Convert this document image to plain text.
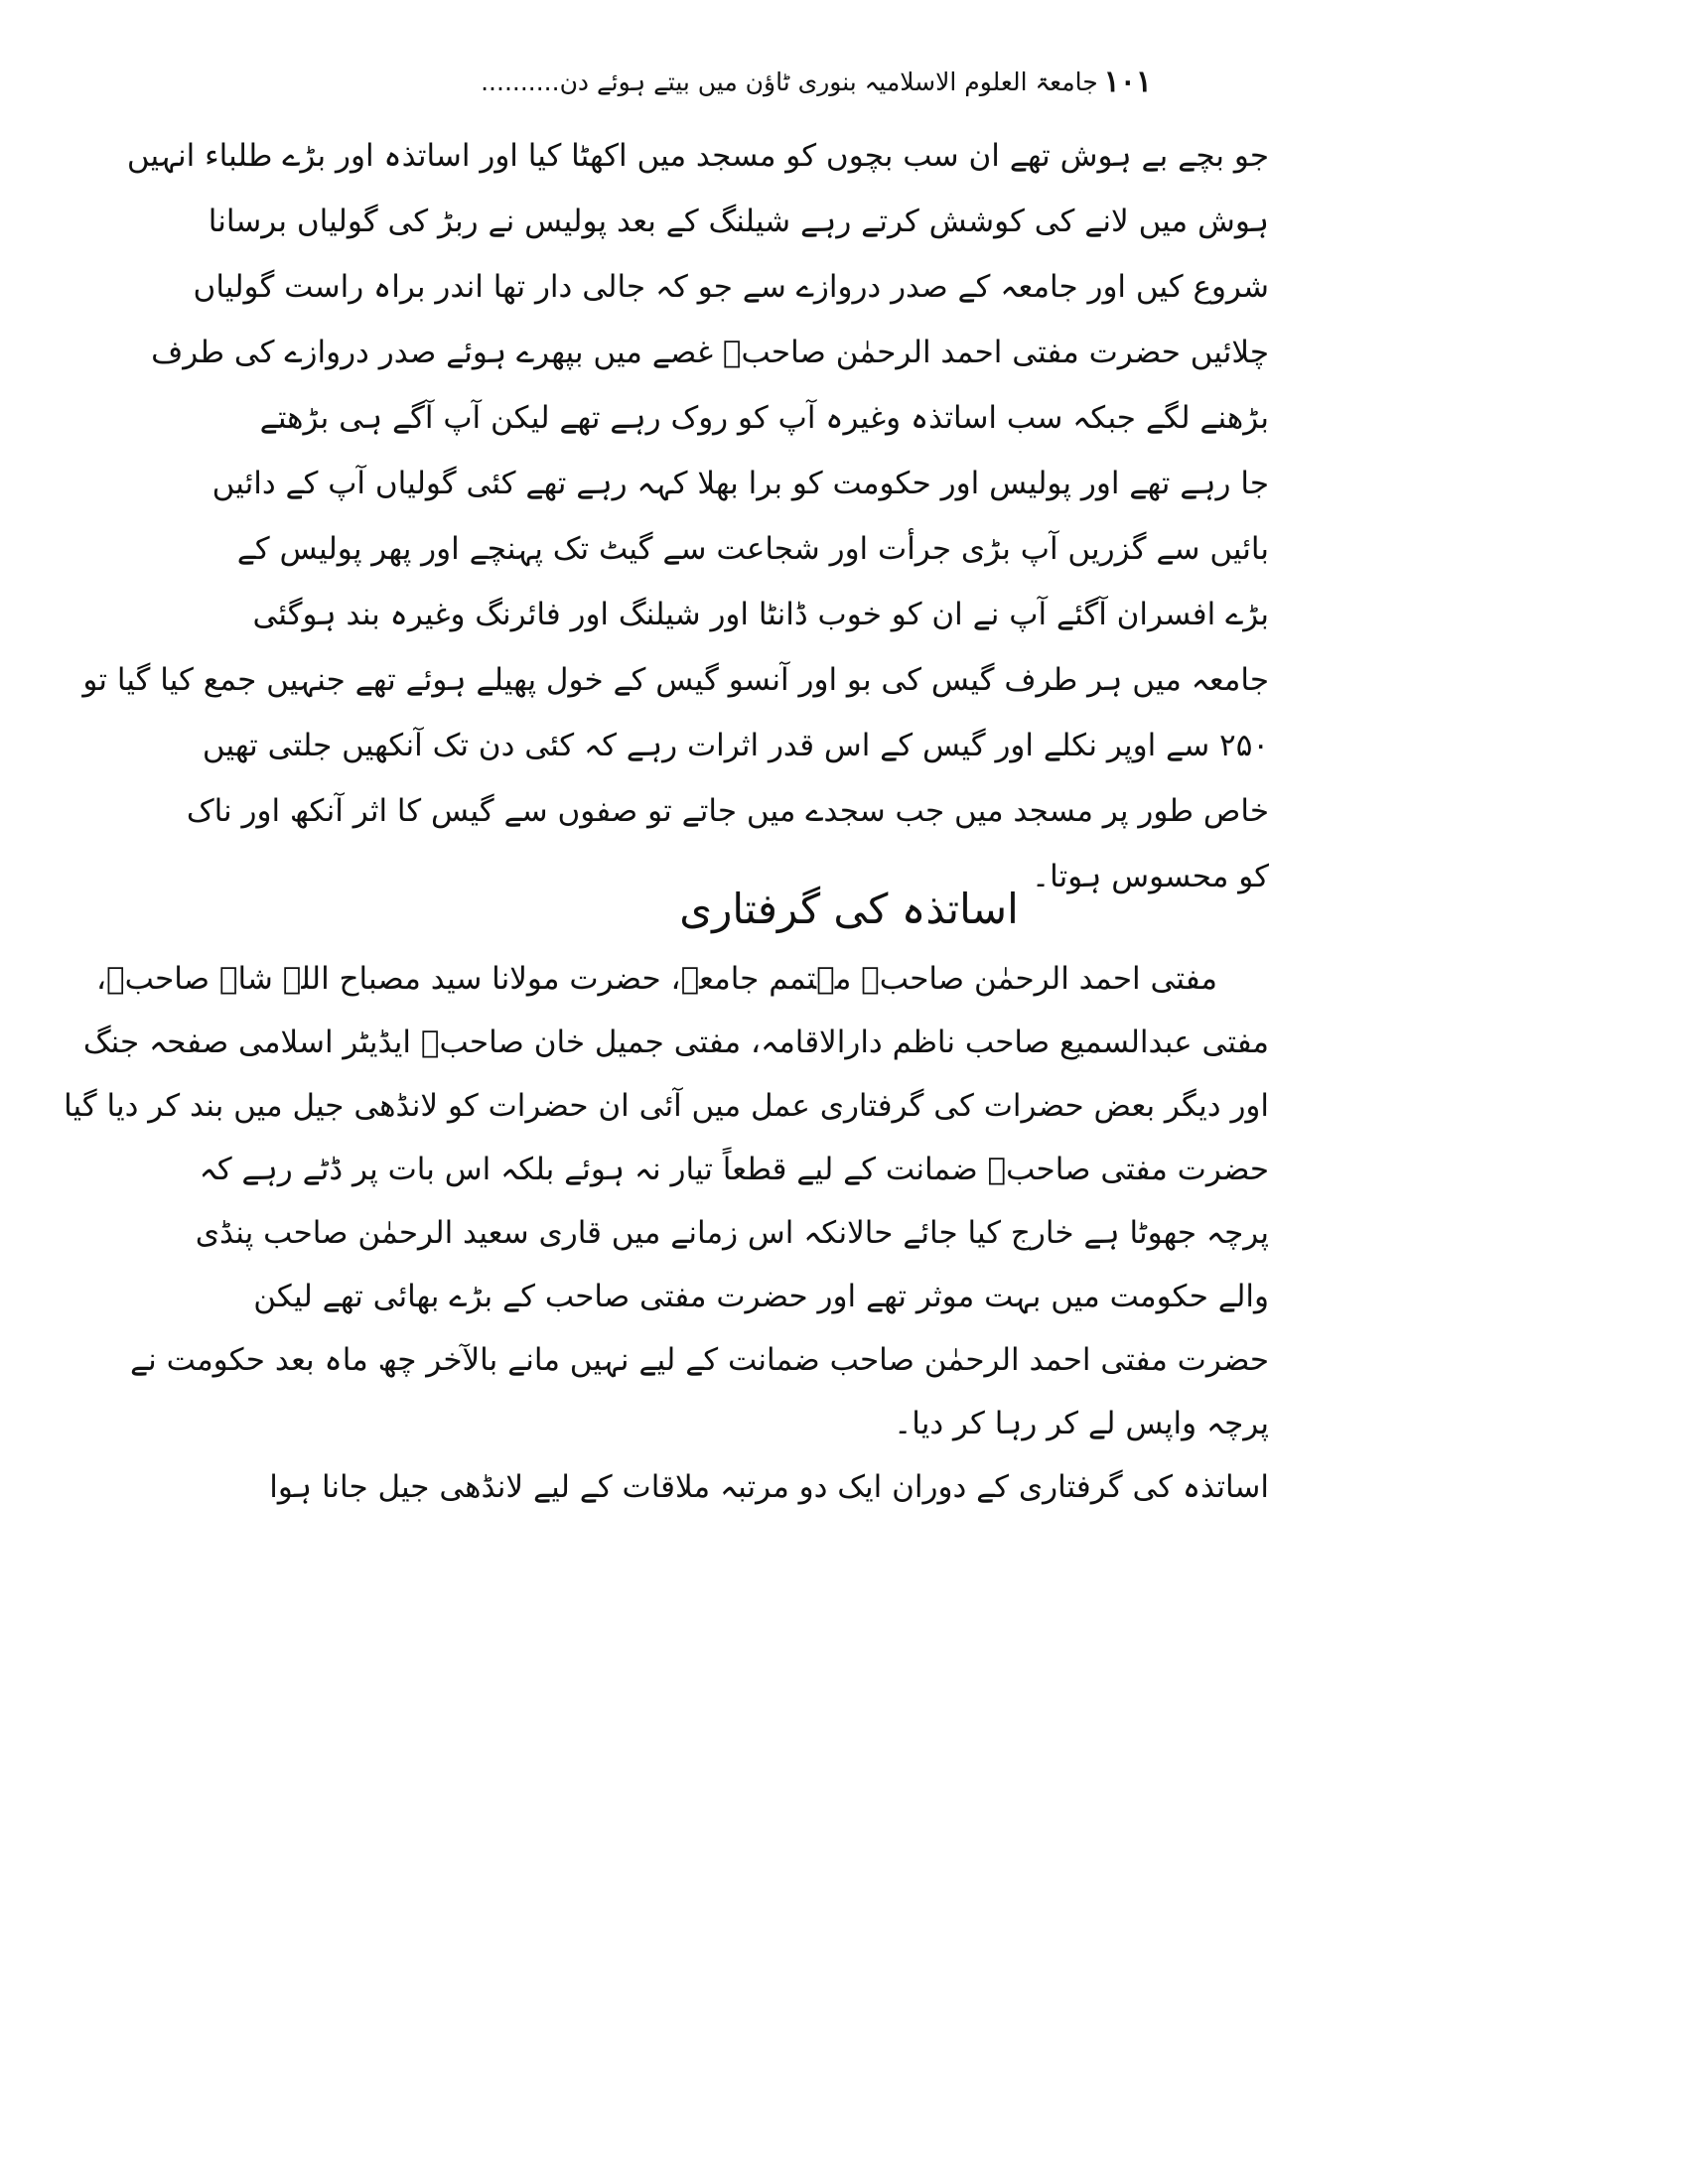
۱۰۱
جامعۃ العلوم الاسلامیہ بنوری ٹاؤن میں بیتے ہوئے دن..........
جو بچے بے ہوش تھے ان سب بچوں کو مسجد میں اکھٹا کیا اور اساتذہ اور بڑے طلباء انہیں
ہوش میں لانے کی کوشش کرتے رہے شیلنگ کے بعد پولیس نے ربڑ کی گولیاں برسانا
شروع کیں اور جامعہ کے صدر دروازے سے جو کہ جالی دار تھا اندر براہ راست گولیاں
چلائیں حضرت مفتی احمد الرحمٰن صاحبؒ غصے میں بپھرے ہوئے صدر دروازے کی طرف
بڑھنے لگے جبکہ سب اساتذہ وغیرہ آپ کو روک رہے تھے لیکن آپ آگے ہی بڑھتے
جا رہے تھے اور پولیس اور حکومت کو برا بھلا کہہ رہے تھے کئی گولیاں آپ کے دائیں
بائیں سے گزریں آپ بڑی جرأت اور شجاعت سے گیٹ تک پہنچے اور پھر پولیس کے
بڑے افسران آگئے آپ نے ان کو خوب ڈانٹا اور شیلنگ اور فائرنگ وغیرہ بند ہوگئی
جامعہ میں ہر طرف گیس کی بو اور آنسو گیس کے خول پھیلے ہوئے تھے جنہیں جمع کیا گیا تو
۲۵۰ سے اوپر نکلے اور گیس کے اس قدر اثرات رہے کہ کئی دن تک آنکھیں جلتی تھیں
خاص طور پر مسجد میں جب سجدے میں جاتے تو صفوں سے گیس کا اثر آنکھ اور ناک
کو محسوس ہوتا۔
اساتذہ کی گرفتاری
مفتی احمد الرحمٰن صاحبؒ مہتمم جامعہ، حضرت مولانا سید مصباح اللہ شاہ صاحبؒ،
مفتی عبدالسمیع صاحب ناظم دارالاقامہ، مفتی جمیل خان صاحبؒ ایڈیٹر اسلامی صفحہ جنگ
اور دیگر بعض حضرات کی گرفتاری عمل میں آئی ان حضرات کو لانڈھی جیل میں بند کر دیا گیا
حضرت مفتی صاحبؒ ضمانت کے لیے قطعاً تیار نہ ہوئے بلکہ اس بات پر ڈٹے رہے کہ
پرچہ جھوٹا ہے خارج کیا جائے حالانکہ اس زمانے میں قاری سعید الرحمٰن صاحب پنڈی
والے حکومت میں بہت موثر تھے اور حضرت مفتی صاحب کے بڑے بھائی تھے لیکن
حضرت مفتی احمد الرحمٰن صاحب ضمانت کے لیے نہیں مانے بالآخر چھ ماہ بعد حکومت نے
پرچہ واپس لے کر رہا کر دیا۔
اساتذہ کی گرفتاری کے دوران ایک دو مرتبہ ملاقات کے لیے لانڈھی جیل جانا ہوا
